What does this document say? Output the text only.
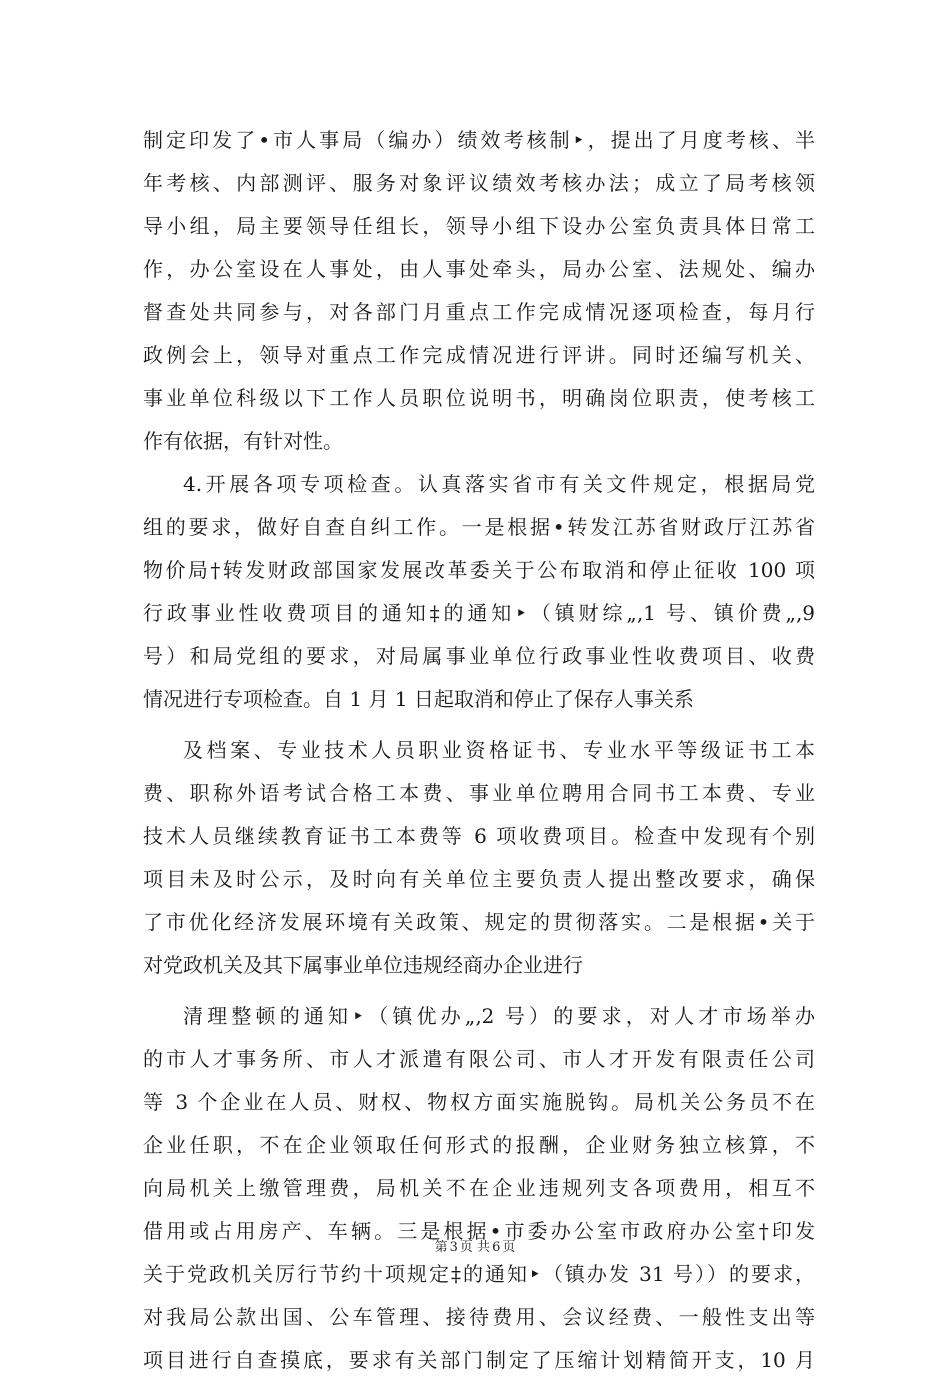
制定印发了•市人事局（编办）绩效考核制‣，提出了月度考核、半
年考核、内部测评、服务对象评议绩效考核办法；成立了局考核领
导小组，局主要领导任组长，领导小组下设办公室负责具体日常工
作，办公室设在人事处，由人事处牵头，局办公室、法规处、编办
督查处共同参与，对各部门月重点工作完成情况逐项检查，每月行
政例会上，领导对重点工作完成情况进行评讲。同时还编写机关、
事业单位科级以下工作人员职位说明书，明确岗位职责，使考核工
作有依据，有针对性。
4.开展各项专项检查。认真落实省市有关文件规定，根据局党
组的要求，做好自查自纠工作。一是根据•转发江苏省财政厅江苏省
物价局†转发财政部国家发展改革委关于公布取消和停止征收 100 项
行政事业性收费项目的通知‡的通知‣（镇财综„‚1 号、镇价费„‚9
号）和局党组的要求，对局属事业单位行政事业性收费项目、收费
情况进行专项检查。自 1 月 1 日起取消和停止了保存人事关系
及档案、专业技术人员职业资格证书、专业水平等级证书工本
费、职称外语考试合格工本费、事业单位聘用合同书工本费、专业
技术人员继续教育证书工本费等 6 项收费项目。检查中发现有个别
项目未及时公示，及时向有关单位主要负责人提出整改要求，确保
了市优化经济发展环境有关政策、规定的贯彻落实。二是根据•关于
对党政机关及其下属事业单位违规经商办企业进行
清理整顿的通知‣（镇优办„‚2 号）的要求，对人才市场举办
的市人才事务所、市人才派遣有限公司、市人才开发有限责任公司
等 3 个企业在人员、财权、物权方面实施脱钩。局机关公务员不在
企业任职，不在企业领取任何形式的报酬，企业财务独立核算，不
向局机关上缴管理费，局机关不在企业违规列支各项费用，相互不
借用或占用房产、车辆。三是根据•市委办公室市政府办公室†印发
关于党政机关厉行节约十项规定‡的通知‣（镇办发 31 号））的要求，
对我局公款出国、公车管理、接待费用、会议经费、一般性支出等
项目进行自查摸底，要求有关部门制定了压缩计划精简开支，10 月
第 3 页 共 6 页
